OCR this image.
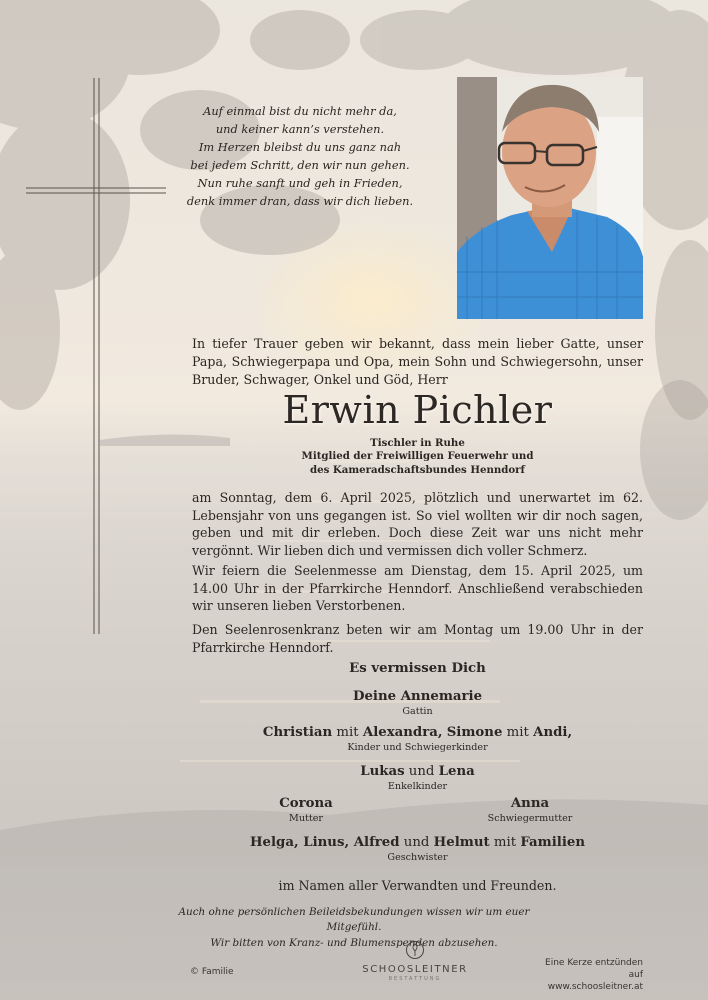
Auf einmal bist du nicht mehr da,
und keiner kann’s verstehen.
Im Herzen bleibst du uns ganz nah
bei jedem Schritt, den wir nun gehen.
Nun ruhe sanft und geh in Frieden,
denk immer dran, dass wir dich lieben.
In tiefer Trauer geben wir bekannt, dass mein lieber Gatte, unser Papa, Schwiegerpapa und Opa, mein Sohn und Schwiegersohn, unser Bruder, Schwager, Onkel und Göd, Herr
Erwin Pichler
Tischler in Ruhe
Mitglied der Freiwilligen Feuerwehr und
des Kameradschaftsbundes Henndorf
am Sonntag, dem 6. April 2025, plötzlich und unerwartet im 62. Lebensjahr von uns gegangen ist. So viel wollten wir dir noch sagen, geben und mit dir erleben. Doch diese Zeit war uns nicht mehr vergönnt. Wir lieben dich und vermissen dich voller Schmerz.
Wir feiern die Seelenmesse am Dienstag, dem 15. April 2025, um 14.00 Uhr in der Pfarrkirche Henndorf. Anschließend verabschieden wir unseren lieben Verstorbenen.
Den Seelenrosenkranz beten wir am Montag um 19.00 Uhr in der Pfarrkirche Henndorf.
Es vermissen Dich
Deine Annemarie
Gattin
Christian mit Alexandra, Simone mit Andi,
Kinder und Schwiegerkinder
Lukas und Lena
Enkelkinder
Corona
Mutter
Anna
Schwiegermutter
Helga, Linus, Alfred und Helmut mit Familien
Geschwister
im Namen aller Verwandten und Freunden.
Auch ohne persönlichen Beileidsbekundungen wissen wir um euer Mitgefühl.
Wir bitten von Kranz- und Blumenspenden abzusehen.
© Familie	SCHOOSLEITNER
BESTATTUNG
Eine Kerze entzünden auf
www.schoosleitner.at
